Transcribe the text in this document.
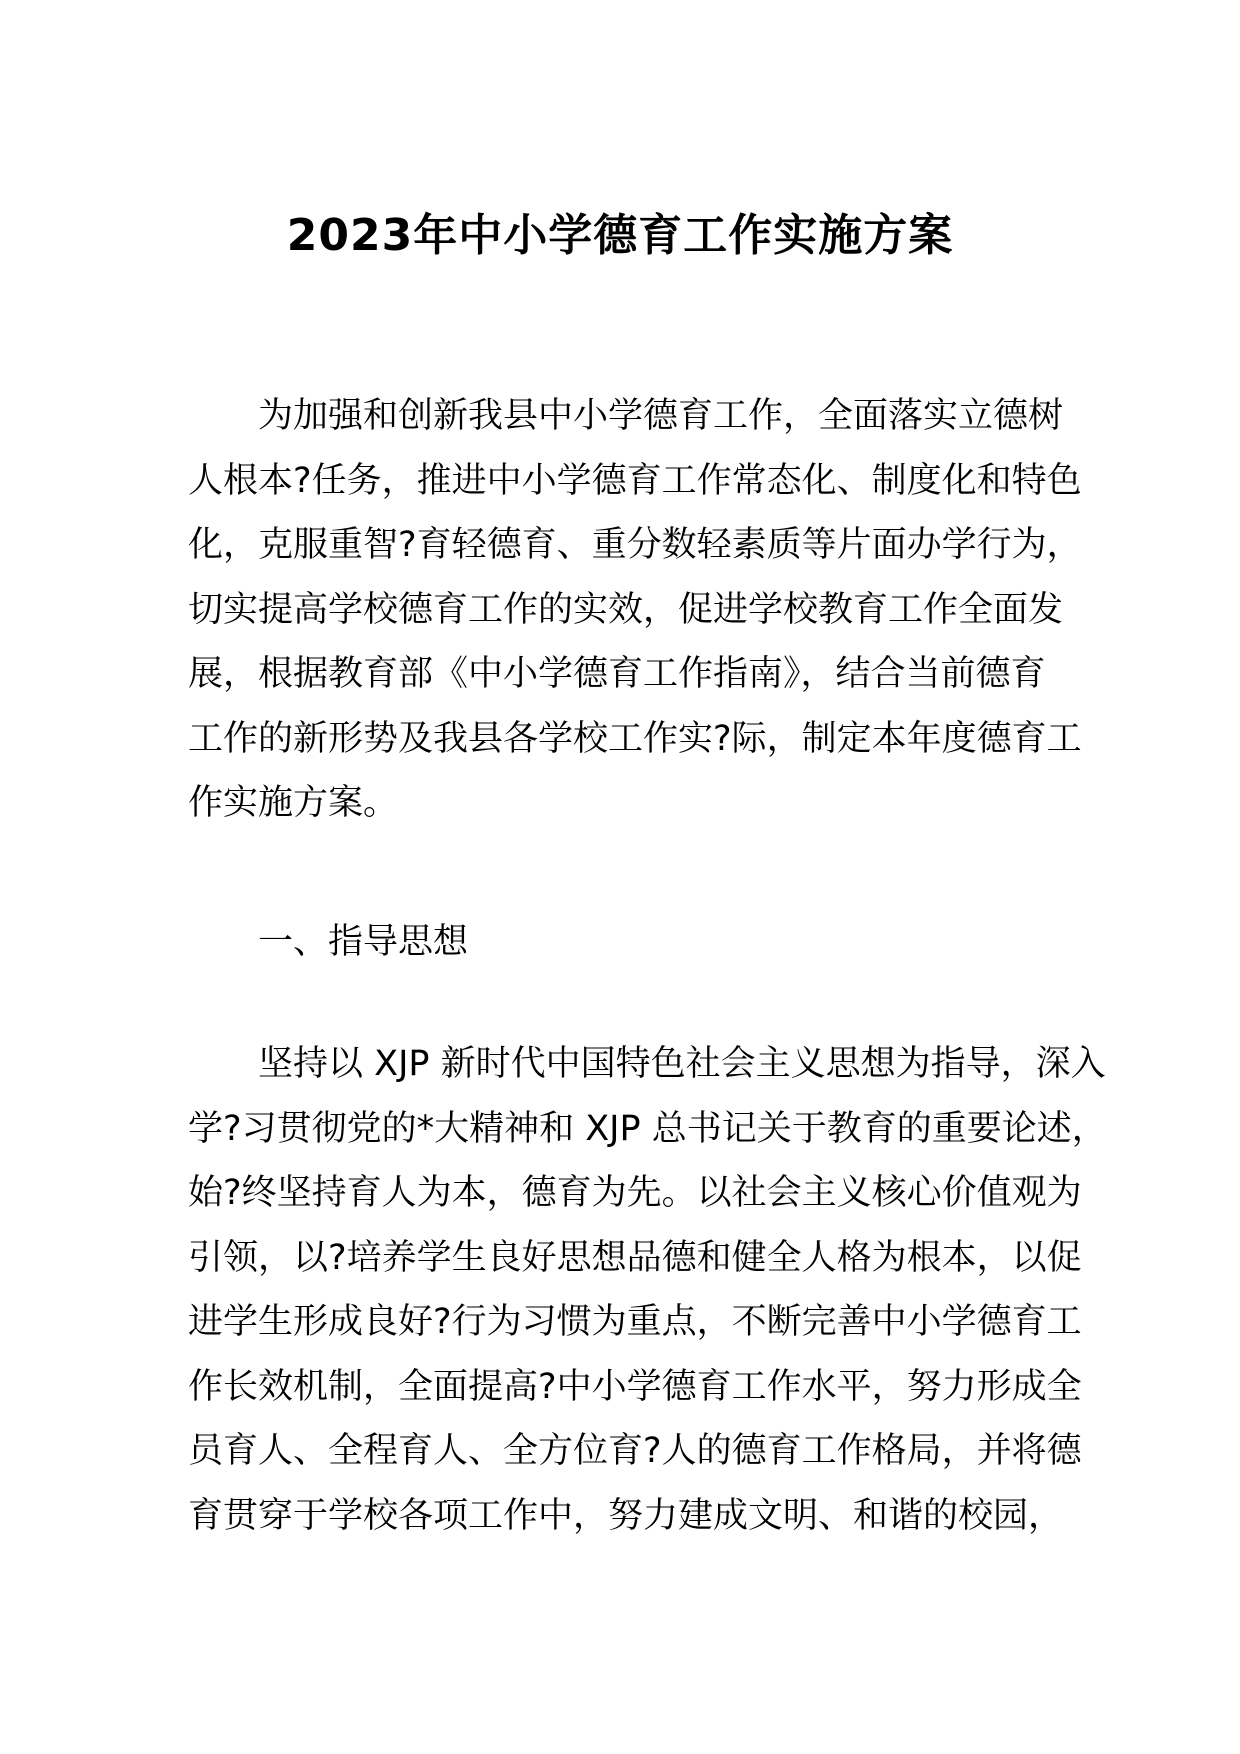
2023年中小学德育工作实施方案
为加强和创新我县中小学德育工作，全面落实立德树
人根本?任务，推进中小学德育工作常态化、制度化和特色
化，克服重智?育轻德育、重分数轻素质等片面办学行为，
切实提高学校德育工作的实效，促进学校教育工作全面发
展，根据教育部《中小学德育工作指南》，结合当前德育
工作的新形势及我县各学校工作实?际，制定本年度德育工
作实施方案。
一、指导思想
坚持以 XJP 新时代中国特色社会主义思想为指导，深入
学?习贯彻党的*大精神和 XJP 总书记关于教育的重要论述，
始?终坚持育人为本，德育为先。以社会主义核心价值观为
引领，以?培养学生良好思想品德和健全人格为根本，以促
进学生形成良好?行为习惯为重点，不断完善中小学德育工
作长效机制，全面提高?中小学德育工作水平，努力形成全
员育人、全程育人、全方位育?人的德育工作格局，并将德
育贯穿于学校各项工作中，努力建成文明、和谐的校园，
